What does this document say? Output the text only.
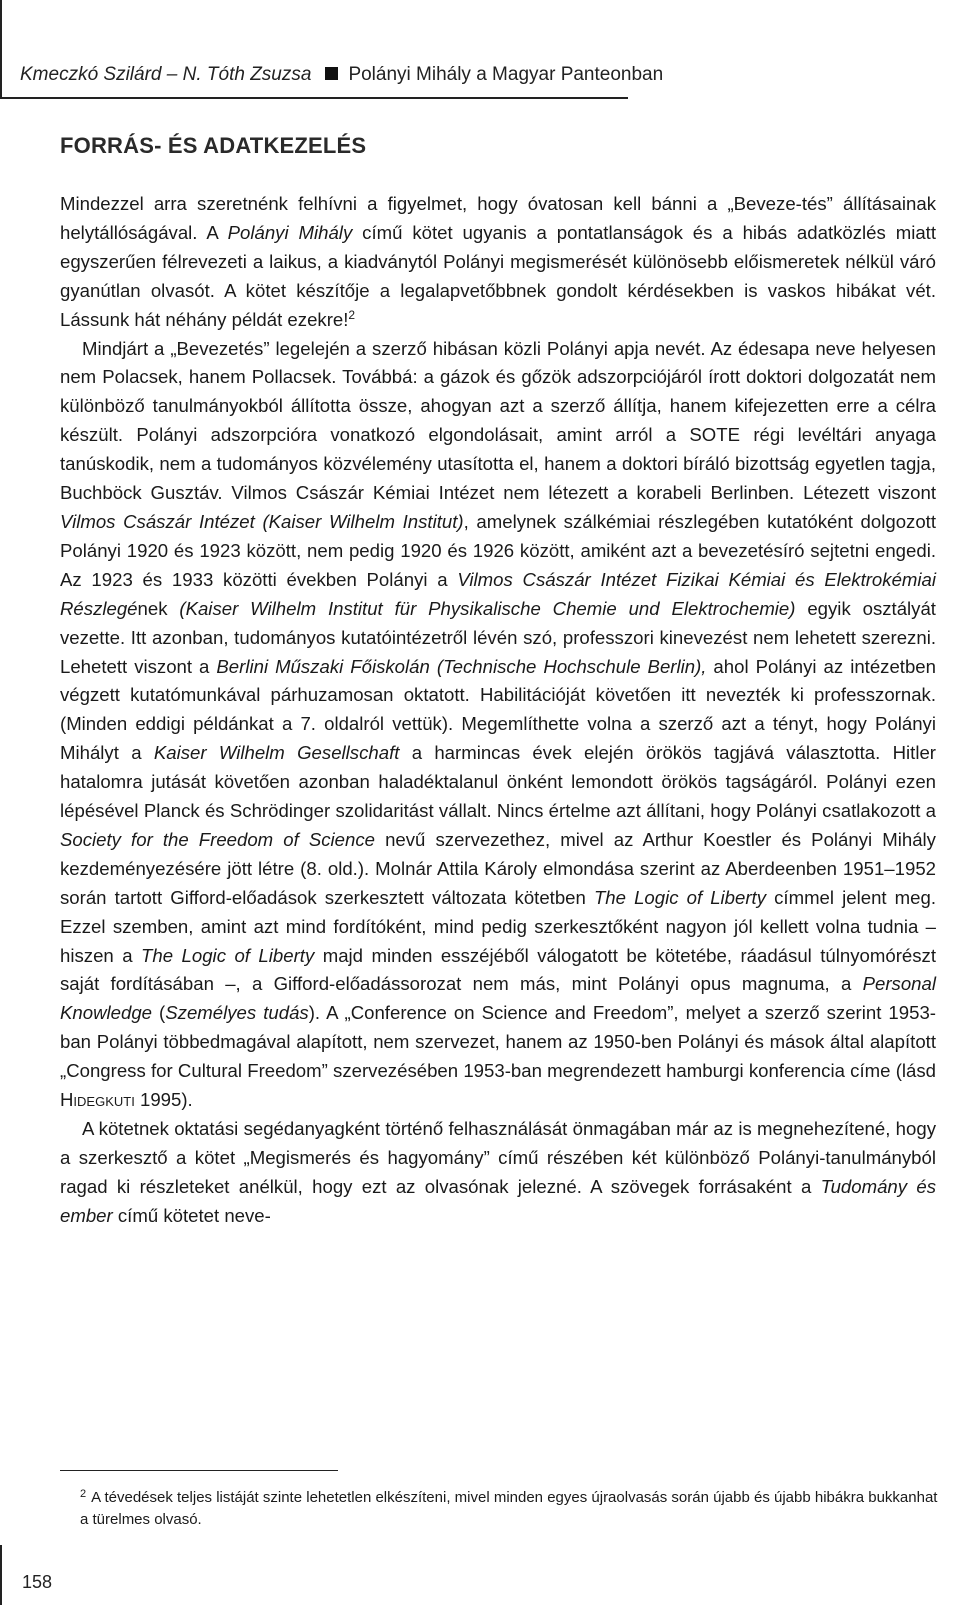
Kmeczkó Szilárd – N. Tóth Zsuzsa Polányi Mihály a Magyar Panteonban
FORRÁS- ÉS ADATKEZELÉS

Mindezzel arra szeretnénk felhívni a figyelmet, hogy óvatosan kell bánni a „Beveze-tés” állításainak helytállóságával. A Polányi Mihály című kötet ugyanis a pontatlanságok és a hibás adatközlés miatt egyszerűen félrevezeti a laikus, a kiadványtól Polányi megismerését különösebb előismeretek nélkül váró gyanútlan olvasót. A kötet készítője a legalapvetőbbnek gondolt kérdésekben is vaskos hibákat vét. Lássunk hát néhány példát ezekre!$^2$

Mindjárt a „Bevezetés” legelején a szerző hibásan közli Polányi apja nevét. Az édesapa neve helyesen nem Polacsek, hanem Pollacsek. Továbbá: a gázok és gőzök adszorpciójáról írott doktori dolgozatát nem különböző tanulmányokból állította össze, ahogyan azt a szerző állítja, hanem kifejezetten erre a célra készült. Polányi adszorpcióra vonatkozó elgondolásait, amint arról a SOTE régi levéltári anyaga tanúskodik, nem a tudományos közvélemény utasította el, hanem a doktori bíráló bizottság egyetlen tagja, Buchböck Gusztáv. Vilmos Császár Kémiai Intézet nem létezett a korabeli Berlinben. Létezett viszont Vilmos Császár Intézet (Kaiser Wilhelm Institut), amelynek szálkémiai részlegében kutatóként dolgozott Polányi 1920 és 1923 között, nem pedig 1920 és 1926 között, amiként azt a bevezetésíró sejtetni engedi. Az 1923 és 1933 közötti években Polányi a Vilmos Császár Intézet Fizikai Kémiai és Elektrokémiai Részlegének (Kaiser Wilhelm Institut für Physikalische Chemie und Elektrochemie) egyik osztályát vezette. Itt azonban, tudományos kutatóintézetről lévén szó, professzori kinevezést nem lehetett szerezni. Lehetett viszont a Berlini Műszaki Főiskolán (Technische Hochschule Berlin), ahol Polányi az intézetben végzett kutatómunkával párhuzamosan oktatott. Habilitációját követően itt nevezték ki professzornak. (Minden eddigi példánkat a 7. oldalról vettük). Megemlíthette volna a szerző azt a tényt, hogy Polányi Mihályt a Kaiser Wilhelm Gesellschaft a harmincas évek elején örökös tagjává választotta. Hitler hatalomra jutását követően azonban haladéktalanul önként lemondott örökös tagságáról. Polányi ezen lépésével Planck és Schrödinger szolidaritást vállalt. Nincs értelme azt állítani, hogy Polányi csatlakozott a Society for the Freedom of Science nevű szervezethez, mivel az Arthur Koestler és Polányi Mihály kezdeményezésére jött létre (8. old.). Molnár Attila Károly elmondása szerint az Aberdeenben 1951–1952 során tartott Gifford-előadások szerkesztett változata kötetben The Logic of Liberty címmel jelent meg. Ezzel szemben, amint azt mind fordítóként, mind pedig szerkesztőként nagyon jól kellett volna tudnia – hiszen a The Logic of Liberty majd minden esszéjéből válogatott be kötetébe, ráadásul túlnyomórészt saját fordításában –, a Gifford-előadássorozat nem más, mint Polányi opus magnuma, a Personal Knowledge (Személyes tudás). A „Conference on Science and Freedom”, melyet a szerző szerint 1953-ban Polányi többedmagával alapított, nem szervezet, hanem az 1950-ben Polányi és mások által alapított „Congress for Cultural Freedom” szervezésében 1953-ban megrendezett hamburgi konferencia címe (lásd Hidegkuti 1995).

A kötetnek oktatási segédanyagként történő felhasználását önmagában már az is megnehezítené, hogy a szerkesztő a kötet „Megismerés és hagyomány” című részében két különböző Polányi-tanulmányból ragad ki részleteket anélkül, hogy ezt az olvasónak jelezné. A szövegek forrásaként a Tudomány és ember című kötetet neve-

$^2$ A tévedések teljes listáját szinte lehetetlen elkészíteni, mivel minden egyes újraolvasás során újabb és újabb hibákra bukkanhat a türelmes olvasó.

158
